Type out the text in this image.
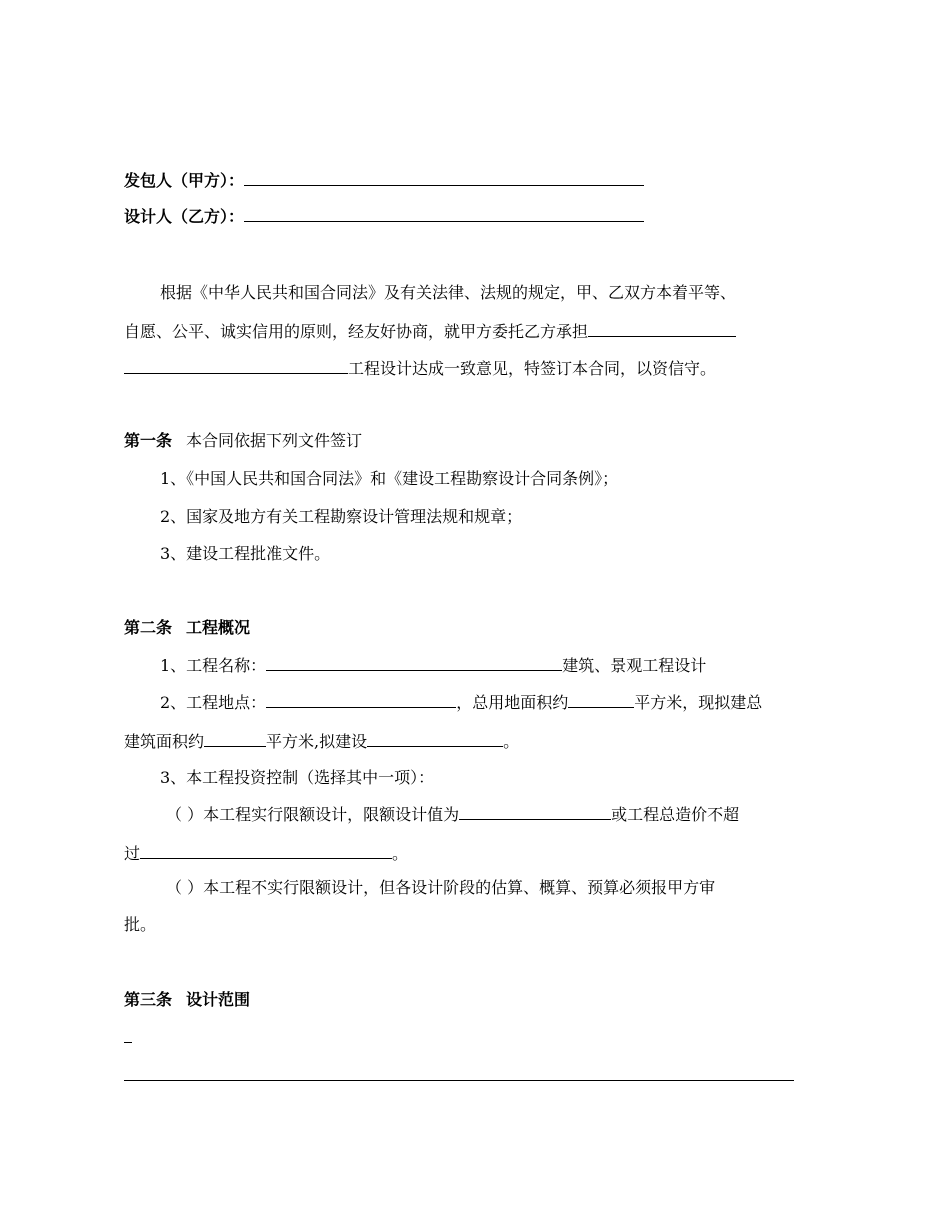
发包人（甲方）：
设计人（乙方）：
根据《中华人民共和国合同法》及有关法律、法规的规定，甲、乙双方本着平等、
自愿、公平、诚实信用的原则，经友好协商，就甲方委托乙方承担
工程设计达成一致意见，特签订本合同，以资信守。
第一条 本合同依据下列文件签订
1、《中国人民共和国合同法》和《建设工程勘察设计合同条例》；
2、国家及地方有关工程勘察设计管理法规和规章；
3、建设工程批准文件。
第二条 工程概况
1、工程名称：	建筑、景观工程设计
2、工程地点：	，总用地面积约	平方米，现拟建总
建筑面积约	平方米,拟建设	。
3、本工程投资控制（选择其中一项）：
（ ）本工程实行限额设计，限额设计值为	或工程总造价不超
过	。
（ ）本工程不实行限额设计，但各设计阶段的估算、概算、预算必须报甲方审
批。
第三条 设计范围
